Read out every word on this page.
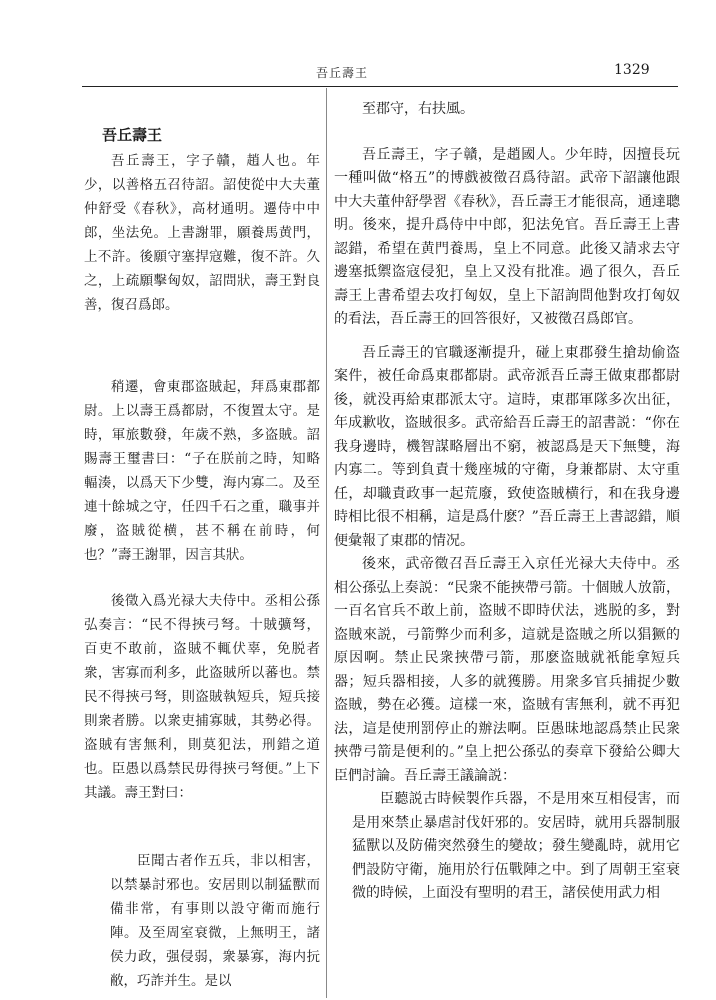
吾丘壽王	1329
吾丘壽王

吾丘壽王，字子贛，趙人也。年少，以善格五召待詔。詔使從中大夫董仲舒受《春秋》，高材通明。遷侍中中郎，坐法免。上書謝罪，願養馬黄門，上不許。後願守塞捍寇難，復不許。久之，上疏願擊匈奴，詔問狀，壽王對良善，復召爲郎。

稍遷，會東郡盗賊起，拜爲東郡都尉。上以壽王爲都尉，不復置太守。是時，軍旅數發，年歲不熟，多盗賊。詔賜壽王璽書曰：“子在朕前之時，知略輻湊，以爲天下少雙，海内寡二。及至連十餘城之守，任四千石之重，職事并廢，盗賊從横，甚不稱在前時，何也？”壽王謝罪，因言其狀。

後徵入爲光禄大夫侍中。丞相公孫弘奏言：“民不得挾弓弩。十賊彍弩，百吏不敢前，盗賊不輒伏辜，免脱者衆，害寡而利多，此盗賊所以蕃也。禁民不得挾弓弩，則盗賊執短兵，短兵接則衆者勝。以衆吏捕寡賊，其勢必得。盗賊有害無利，則莫犯法，刑錯之道也。臣愚以爲禁民毋得挾弓弩便。”上下其議。壽王對曰：

臣聞古者作五兵，非以相害，以禁暴討邪也。安居則以制猛獸而備非常，有事則以設守衛而施行陣。及至周室衰微，上無明王，諸侯力政，强侵弱，衆暴寡，海内抏敝，巧詐并生。是以

至郡守，右扶風。

吾丘壽王，字子贛，是趙國人。少年時，因擅長玩一種叫做“格五”的博戲被徵召爲待詔。武帝下詔讓他跟中大夫董仲舒學習《春秋》，吾丘壽王才能很高，通達聰明。後來，提升爲侍中中郎，犯法免官。吾丘壽王上書認錯，希望在黄門養馬，皇上不同意。此後又請求去守邊塞抵禦盗寇侵犯，皇上又没有批准。過了很久，吾丘壽王上書希望去攻打匈奴，皇上下詔詢問他對攻打匈奴的看法，吾丘壽王的回答很好，又被徵召爲郎官。

吾丘壽王的官職逐漸提升，碰上東郡發生搶劫偷盗案件，被任命爲東郡都尉。武帝派吾丘壽王做東郡都尉後，就没再給東郡派太守。這時，東郡軍隊多次出征，年成歉收，盗賊很多。武帝給吾丘壽王的詔書説：“你在我身邊時，機智謀略層出不窮，被認爲是天下無雙，海内寡二。等到負責十幾座城的守衛，身兼都尉、太守重任，却職責政事一起荒廢，致使盗賊横行，和在我身邊時相比很不相稱，這是爲什麽？”吾丘壽王上書認錯，順便彙報了東郡的情况。

後來，武帝徵召吾丘壽王入京任光禄大夫侍中。丞相公孫弘上奏説：“民衆不能挾帶弓箭。十個賊人放箭，一百名官兵不敢上前，盗賊不即時伏法，逃脱的多，對盗賊來説，弓箭弊少而利多，這就是盗賊之所以猖獗的原因啊。禁止民衆挾帶弓箭，那麽盗賊就衹能拿短兵器；短兵器相接，人多的就獲勝。用衆多官兵捕捉少數盗賊，勢在必獲。這樣一來，盗賊有害無利，就不再犯法，這是使刑罰停止的辦法啊。臣愚昧地認爲禁止民衆挾帶弓箭是便利的。”皇上把公孫弘的奏章下發給公卿大臣們討論。吾丘壽王議論説：

臣聽説古時候製作兵器，不是用來互相侵害，而是用來禁止暴虐討伐奸邪的。安居時，就用兵器制服猛獸以及防備突然發生的變故；發生變亂時，就用它們設防守衛，施用於行伍戰陣之中。到了周朝王室衰微的時候，上面没有聖明的君王，諸侯使用武力相
